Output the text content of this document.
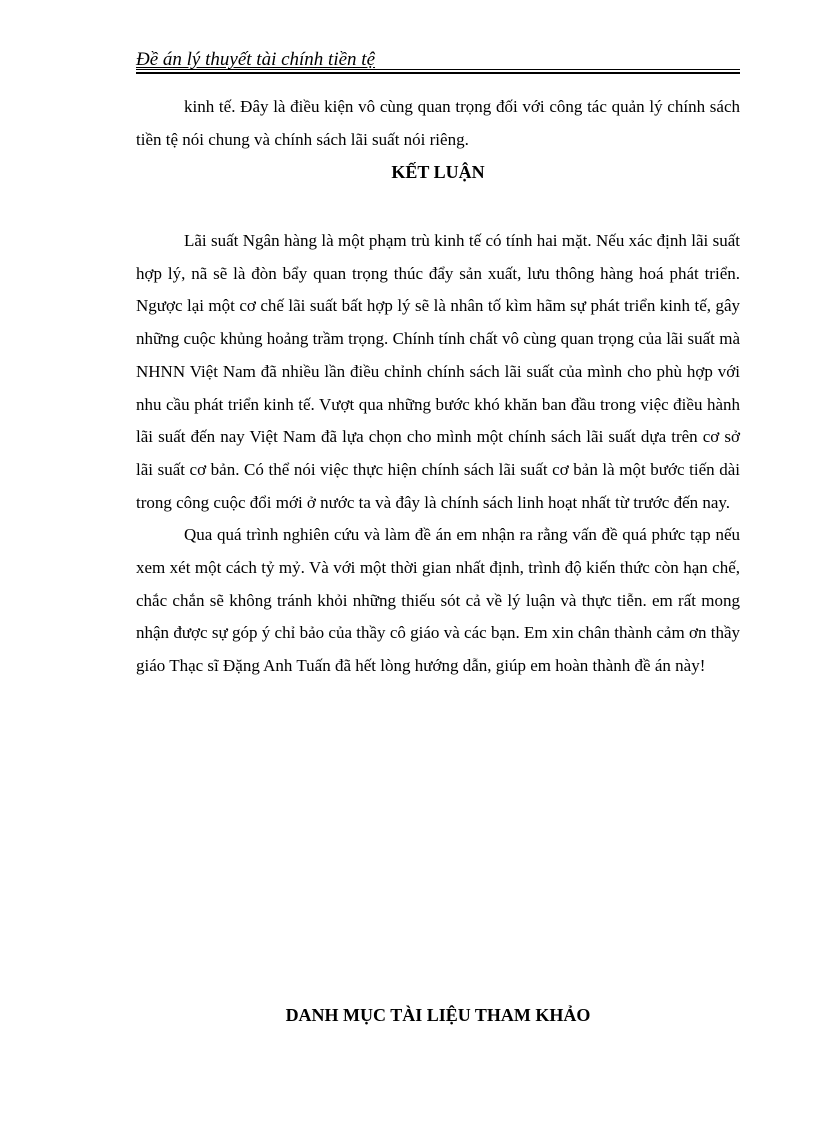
Đề án lý thuyết tài chính tiền tệ

kinh tế. Đây là điều kiện vô cùng quan trọng đối với công tác quản lý chính sách tiền tệ nói chung và chính sách lãi suất nói riêng.

KẾT LUẬN

Lãi suất Ngân hàng là một phạm trù kinh tế có tính hai mặt. Nếu xác định lãi suất hợp lý, nã sẽ là đòn bẩy quan trọng thúc đẩy sản xuất, lưu thông hàng hoá phát triển. Ngược lại một cơ chế lãi suất bất hợp lý sẽ là nhân tố kìm hãm sự phát triển kinh tế, gây những cuộc khủng hoảng trầm trọng. Chính tính chất vô cùng quan trọng của lãi suất mà NHNN Việt Nam đã nhiều lần điều chỉnh chính sách lãi suất của mình cho phù hợp với nhu cầu phát triển kinh tế. Vượt qua những bước khó khăn ban đầu trong việc điều hành lãi suất đến nay Việt Nam đã lựa chọn cho mình một chính sách lãi suất dựa trên cơ sở lãi suất cơ bản. Có thể nói việc thực hiện chính sách lãi suất cơ bản là một bước tiến dài trong công cuộc đổi mới ở nước ta và đây là chính sách linh hoạt nhất từ trước đến nay.

Qua quá trình nghiên cứu và làm đề án em nhận ra rằng vấn đề quá phức tạp nếu xem xét một cách tỷ mỷ. Và với một thời gian nhất định, trình độ kiến thức còn hạn chế, chắc chắn sẽ không tránh khỏi những thiếu sót cả về lý luận và thực tiễn. em rất mong nhận được sự góp ý chỉ bảo của thầy cô giáo và các bạn. Em xin chân thành cảm ơn thầy giáo Thạc sĩ Đặng Anh Tuấn đã hết lòng hướng dẫn, giúp em hoàn thành đề án này!

DANH MỤC TÀI LIỆU THAM KHẢO
